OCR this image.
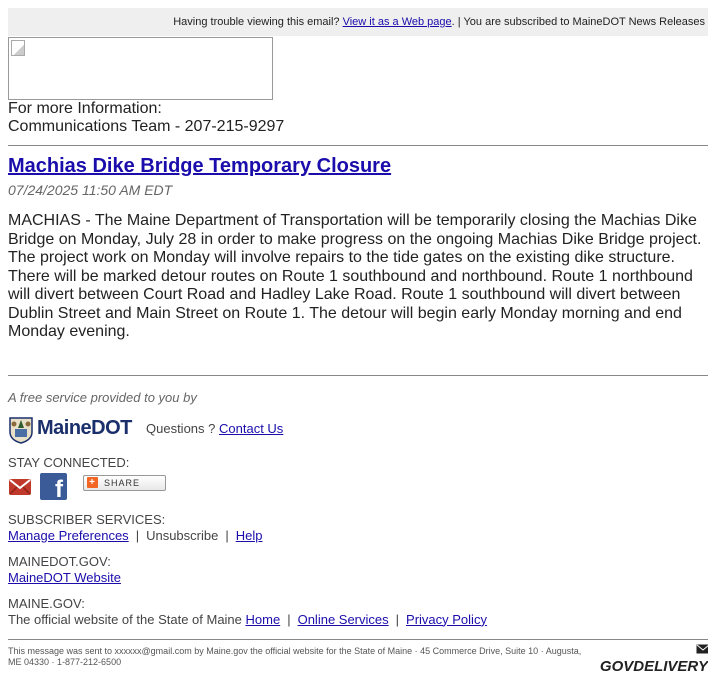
Having trouble viewing this email? View it as a Web page. | You are subscribed to MaineDOT News Releases
For more Information:
Communications Team - 207-215-9297
Machias Dike Bridge Temporary Closure
07/24/2025 11:50 AM EDT
MACHIAS - The Maine Department of Transportation will be temporarily closing the Machias Dike Bridge on Monday, July 28 in order to make progress on the ongoing Machias Dike Bridge project. The project work on Monday will involve repairs to the tide gates on the existing dike structure. There will be marked detour routes on Route 1 southbound and northbound. Route 1 northbound will divert between Court Road and Hadley Lake Road. Route 1 southbound will divert between Dublin Street and Main Street on Route 1. The detour will begin early Monday morning and end Monday evening.
A free service provided to you by
MaineDOT Questions ? Contact Us
STAY CONNECTED:
f	+ SHARE
SUBSCRIBER SERVICES:
Manage Preferences | Unsubscribe | Help
MAINEDOT.GOV:
MaineDOT Website
MAINE.GOV:
The official website of the State of Maine Home | Online Services | Privacy Policy
This message was sent to xxxxxx@gmail.com by Maine.gov the official website for the State of Maine · 45 Commerce Drive, Suite 10 · Augusta, ME 04330 · 1-877-212-6500	GOVDELIVERY
